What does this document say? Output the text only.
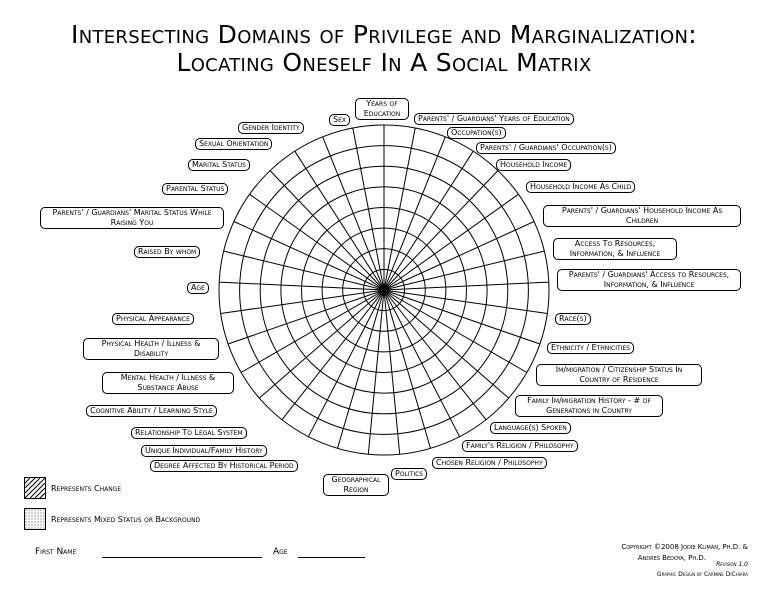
Intersecting Domains of Privilege and Marginalization:
Locating Oneself In A Social Matrix
Years of Education
Parents' / Guardians' Years of Education
Occupation(s)
Parents' / Guardians' Occupation(s)
Household Income
Household Income As Child
Parents' / Guardians' Household Income As Children
Access To Resources, Information, & Influence
Parents' / Guardians' Access to Resources, Information, & Influence
Race(s)
Ethnicity / Ethnicities
Im/migration / Citizenship Status In Country of Residence
Family Im/migration History - # of Generations in Country
Language(s) Spoken
Family's Religion / Philosophy
Chosen Religion / Philosophy
Politics
Geographical Region
Degree Affected By Historical Period
Unique Individual/Family History
Relationship To Legal System
Cognitive Ability / Learning Style
Mental Health / Illness & Substance Abuse
Physical Health / Illness & Disability
Physical Appearance
Age
Raised By whom
Parents' / Guardians' Marital Status While Raising You
Parental Status
Marital Status
Sexual Orientation
Gender Identity
Sex
Represents Change
Represents Mixed Status or Background
First Name	Age	Copyright ©2008 Jodie Kliman, Ph.D. &
Andres Bedoya, Ph.D.
Revision 1.0
Graphic Design by Carmine DiChiara
